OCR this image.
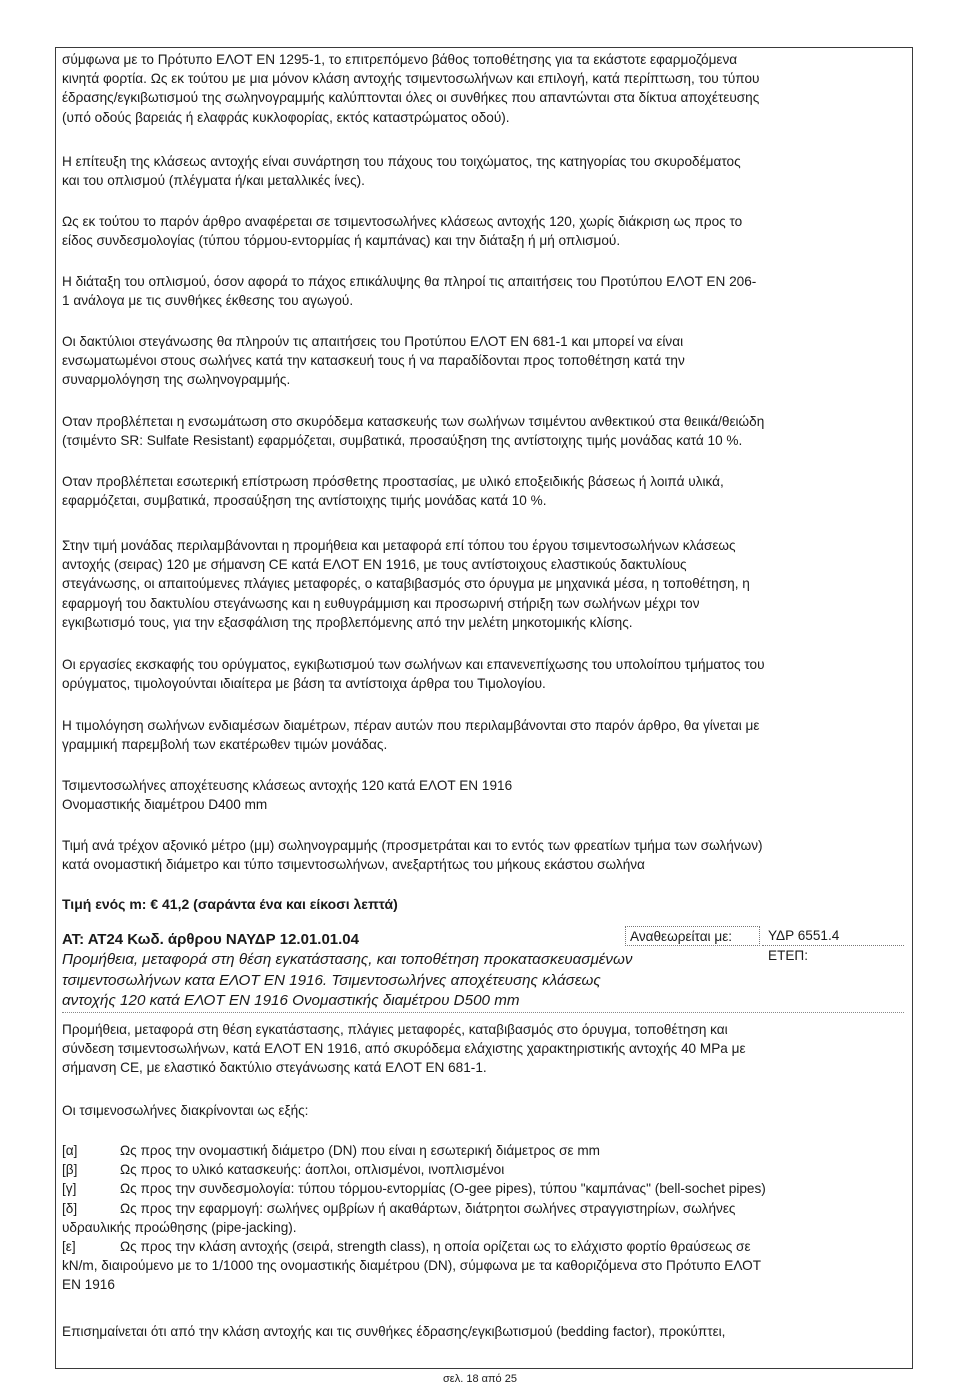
σύμφωνα με το Πρότυπο ΕΛΟΤ ΕΝ 1295-1, το επιτρεπόμενο βάθος τοποθέτησης για τα εκάστοτε εφαρμοζόμενα
κινητά φορτία. Ως εκ τούτου με μια μόνον κλάση αντοχής τσιμεντοσωλήνων και επιλογή, κατά περίπτωση, του τύπου
έδρασης/εγκιβωτισμού της σωληνογραμμής καλύπτονται όλες οι συνθήκες που απαντώνται στα δίκτυα αποχέτευσης
(υπό οδούς βαρειάς ή ελαφράς κυκλοφορίας, εκτός καταστρώματος οδού).

Η επίτευξη της κλάσεως αντοχής είναι συνάρτηση του πάχους του τοιχώματος, της κατηγορίας του σκυροδέματος
και του οπλισμού (πλέγματα ή/και μεταλλικές ίνες).

Ως εκ τούτου το παρόν άρθρο αναφέρεται σε τσιμεντοσωλήνες κλάσεως αντοχής 120, χωρίς διάκριση ως προς το
είδος συνδεσμολογίας (τύπου τόρμου-εντορμίας ή καμπάνας) και την διάταξη ή μή οπλισμού.

Η διάταξη του οπλισμού, όσον αφορά το πάχος επικάλυψης θα πληροί τις απαιτήσεις του Προτύπου ΕΛΟΤ ΕΝ 206-
1 ανάλογα με τις συνθήκες έκθεσης του αγωγού.

Οι δακτύλιοι στεγάνωσης θα πληρούν τις απαιτήσεις του Προτύπου ΕΛΟΤ ΕΝ 681-1 και μπορεί να είναι
ενσωματωμένοι στους σωλήνες κατά την κατασκευή τους ή να παραδίδονται προς τοποθέτηση κατά την
συναρμολόγηση της σωληνογραμμής.

Οταν προβλέπεται η ενσωμάτωση στο σκυρόδεμα κατασκευής των σωλήνων τσιμέντου ανθεκτικού στα θειικά/θειώδη
(τσιμέντο SR: Sulfate Resistant) εφαρμόζεται, συμβατικά, προσαύξηση της αντίστοιχης τιμής μονάδας κατά 10 %.

Οταν προβλέπεται εσωτερική επίστρωση πρόσθετης προστασίας, με υλικό εποξειδικής βάσεως ή λοιπά υλικά,
εφαρμόζεται, συμβατικά, προσαύξηση της αντίστοιχης τιμής μονάδας κατά 10 %.

Στην τιμή μονάδας περιλαμβάνονται η προμήθεια και μεταφορά επί τόπου του έργου τσιμεντοσωλήνων κλάσεως
αντοχής (σειρας) 120 με σήμανση CE κατά ΕΛΟΤ ΕΝ 1916, με τους αντίστοιχους ελαστικούς δακτυλίους
στεγάνωσης, οι απαιτούμενες πλάγιες μεταφορές, ο καταβιβασμός στο όρυγμα με μηχανικά μέσα, η τοποθέτηση, η
εφαρμογή του δακτυλίου στεγάνωσης και η ευθυγράμμιση και προσωρινή στήριξη των σωλήνων μέχρι τον
εγκιβωτισμό τους, για την εξασφάλιση της προβλεπόμενης από την μελέτη μηκοτομικής κλίσης.

Οι εργασίες εκσκαφής του ορύγματος, εγκιβωτισμού των σωλήνων και επανενεπίχωσης του υπολοίπου τμήματος του
ορύγματος, τιμολογούνται ιδιαίτερα με βάση τα αντίστοιχα άρθρα του Τιμολογίου.

Η τιμολόγηση σωλήνων ενδιαμέσων διαμέτρων, πέραν αυτών που περιλαμβάνονται στο παρόν άρθρο, θα γίνεται με
γραμμική παρεμβολή των εκατέρωθεν τιμών μονάδας.

Τσιμεντοσωλήνες αποχέτευσης κλάσεως αντοχής 120 κατά ΕΛΟΤ ΕΝ 1916
Ονομαστικής διαμέτρου D400 mm

Τιμή ανά τρέχον αξονικό μέτρο (μμ) σωληνογραμμής (προσμετράται και το εντός των φρεατίων τμήμα των σωλήνων)
κατά ονομαστική διάμετρο και τύπο τσιμεντοσωλήνων, ανεξαρτήτως του μήκους εκάστου σωλήνα

Τιμή ενός m: € 41,2 (σαράντα ένα και είκοσι λεπτά)
ΑΤ: ΑΤ24 Κωδ. άρθρου ΝΑΥΔΡ 12.01.01.04
Προμήθεια, μεταφορά στη θέση εγκατάστασης, και τοποθέτηση προκατασκευασμένων
τσιμεντοσωλήνων κατα ΕΛΟΤ ΕΝ 1916. Τσιμεντοσωλήνες αποχέτευσης κλάσεως
αντοχής 120 κατά ΕΛΟΤ ΕΝ 1916 Ονομαστικής διαμέτρου D500 mm
Αναθεωρείται με:	ΥΔΡ 6551.4
ΕΤΕΠ:

Προμήθεια, μεταφορά στη θέση εγκατάστασης, πλάγιες μεταφορές, καταβιβασμός στο όρυγμα, τοποθέτηση και
σύνδεση τσιμεντοσωλήνων, κατά ΕΛΟΤ ΕΝ 1916, από σκυρόδεμα ελάχιστης χαρακτηριστικής αντοχής 40 MPa με
σήμανση CE, με ελαστικό δακτύλιο στεγάνωσης κατά ΕΛΟΤ ΕΝ 681-1.

Οι τσιμενοσωλήνες διακρίνονται ως εξής:

[α]	Ως προς την ονομαστική διάμετρο (DN) που είναι η εσωτερική διάμετρος σε mm
[β]	Ως προς το υλικό κατασκευής: άοπλοι, οπλισμένοι, ινοπλισμένοι
[γ]	Ως προς την συνδεσμολογία: τύπου τόρμου-εντορμίας (O-gee pipes), τύπου "καμπάνας" (bell-sochet pipes)
[δ]	Ως προς την εφαρμογή: σωλήνες ομβρίων ή ακαθάρτων, διάτρητοι σωλήνες στραγγιστηρίων, σωλήνες
υδραυλικής προώθησης (pipe-jacking).
[ε]	Ως προς την κλάση αντοχής (σειρά, strength class), η οποία ορίζεται ως το ελάχιστο φορτίο θραύσεως σε
kN/m, διαιρούμενο με το 1/1000 της ονομαστικής διαμέτρου (DN), σύμφωνα με τα καθοριζόμενα στο Πρότυπο ΕΛΟΤ
ΕΝ 1916

Επισημαίνεται ότι από την κλάση αντοχής και τις συνθήκες έδρασης/εγκιβωτισμού (bedding factor), προκύπτει,

σελ. 18 από 25
